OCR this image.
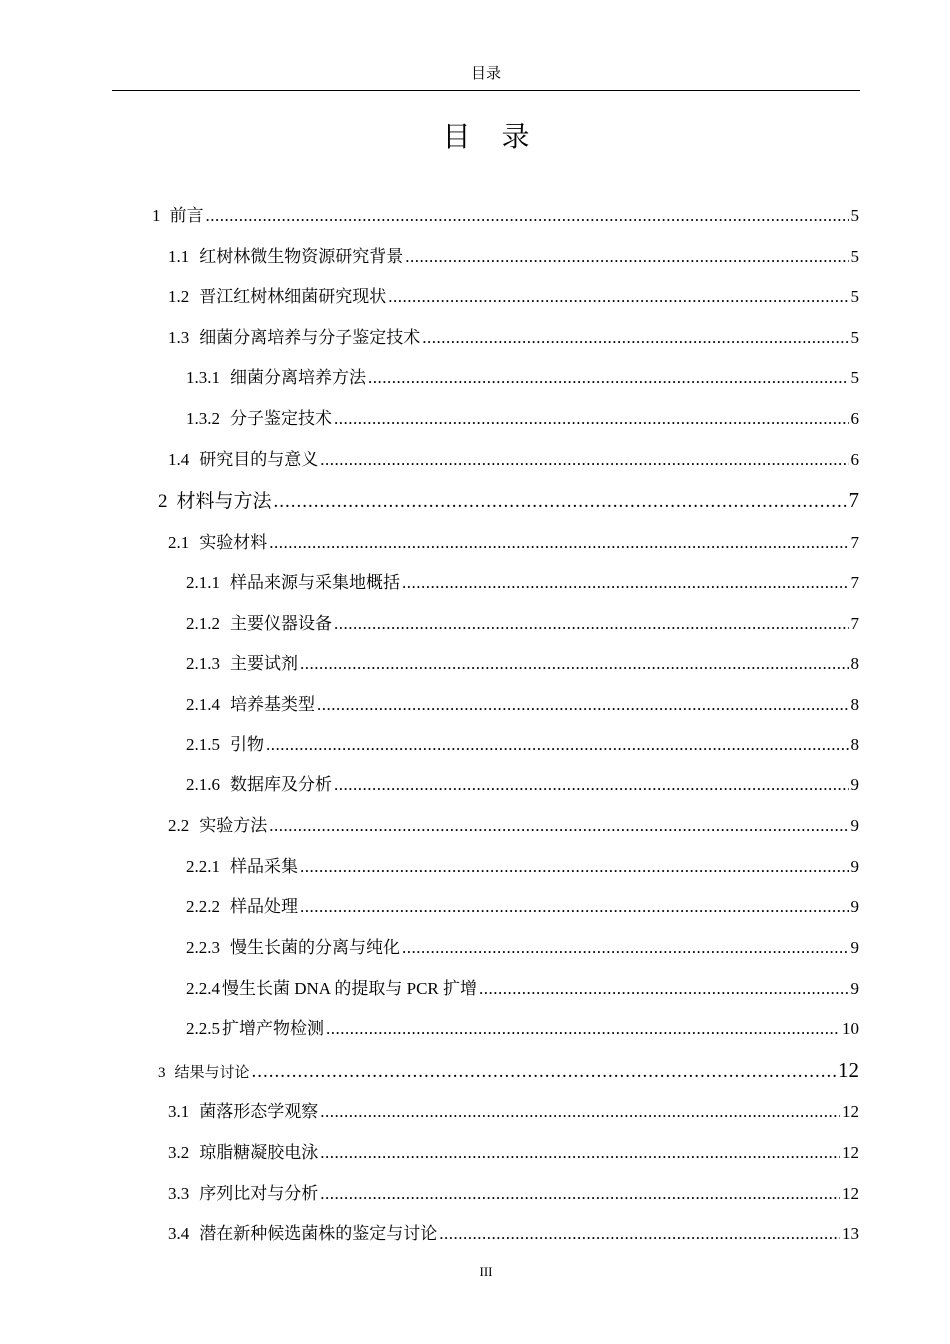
目录
目 录
1 前言 .....	5
1.1 红树林微生物资源研究背景 .....	5
1.2 晋江红树林细菌研究现状 .....	5
1.3 细菌分离培养与分子鉴定技术 .....	5
1.3.1 细菌分离培养方法 .....	5
1.3.2 分子鉴定技术 .....	6
1.4 研究目的与意义 .....	6
2 材料与方法 .....	7
2.1 实验材料 .....	7
2.1.1 样品来源与采集地概括 .....	7
2.1.2 主要仪器设备 .....	7
2.1.3 主要试剂 .....	8
2.1.4 培养基类型 .....	8
2.1.5 引物 .....	8
2.1.6 数据库及分析 .....	9
2.2 实验方法 .....	9
2.2.1 样品采集 .....	9
2.2.2 样品处理 .....	9
2.2.3 慢生长菌的分离与纯化 .....	9
2.2.4 慢生长菌 DNA 的提取与 PCR 扩增 .....	9
2.2.5 扩增产物检测 .....	10
3 结果与讨论 .....	12
3.1 菌落形态学观察 .....	12
3.2 琼脂糖凝胶电泳 .....	12
3.3 序列比对与分析 .....	12
3.4 潜在新种候选菌株的鉴定与讨论 .....	13
III
